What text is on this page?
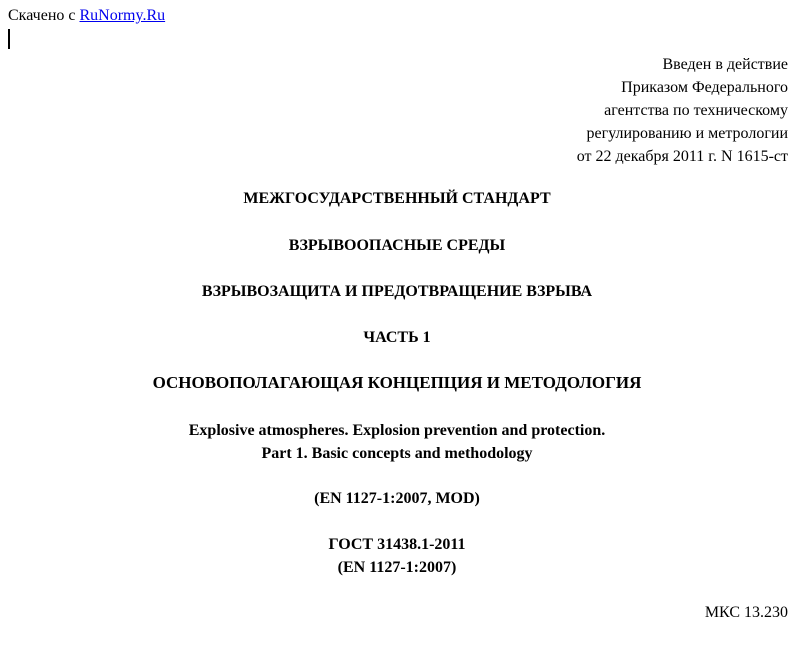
Скачено с RuNormy.Ru
Введен в действие
Приказом Федерального
агентства по техническому
регулированию и метрологии
от 22 декабря 2011 г. N 1615-ст
МЕЖГОСУДАРСТВЕННЫЙ СТАНДАРТ
ВЗРЫВООПАСНЫЕ СРЕДЫ
ВЗРЫВОЗАЩИТА И ПРЕДОТВРАЩЕНИЕ ВЗРЫВА
ЧАСТЬ 1
ОСНОВОПОЛАГАЮЩАЯ КОНЦЕПЦИЯ И МЕТОДОЛОГИЯ
Explosive atmospheres. Explosion prevention and protection.
Part 1. Basic concepts and methodology
(EN 1127-1:2007, MOD)
ГОСТ 31438.1-2011
(EN 1127-1:2007)
МКС 13.230
